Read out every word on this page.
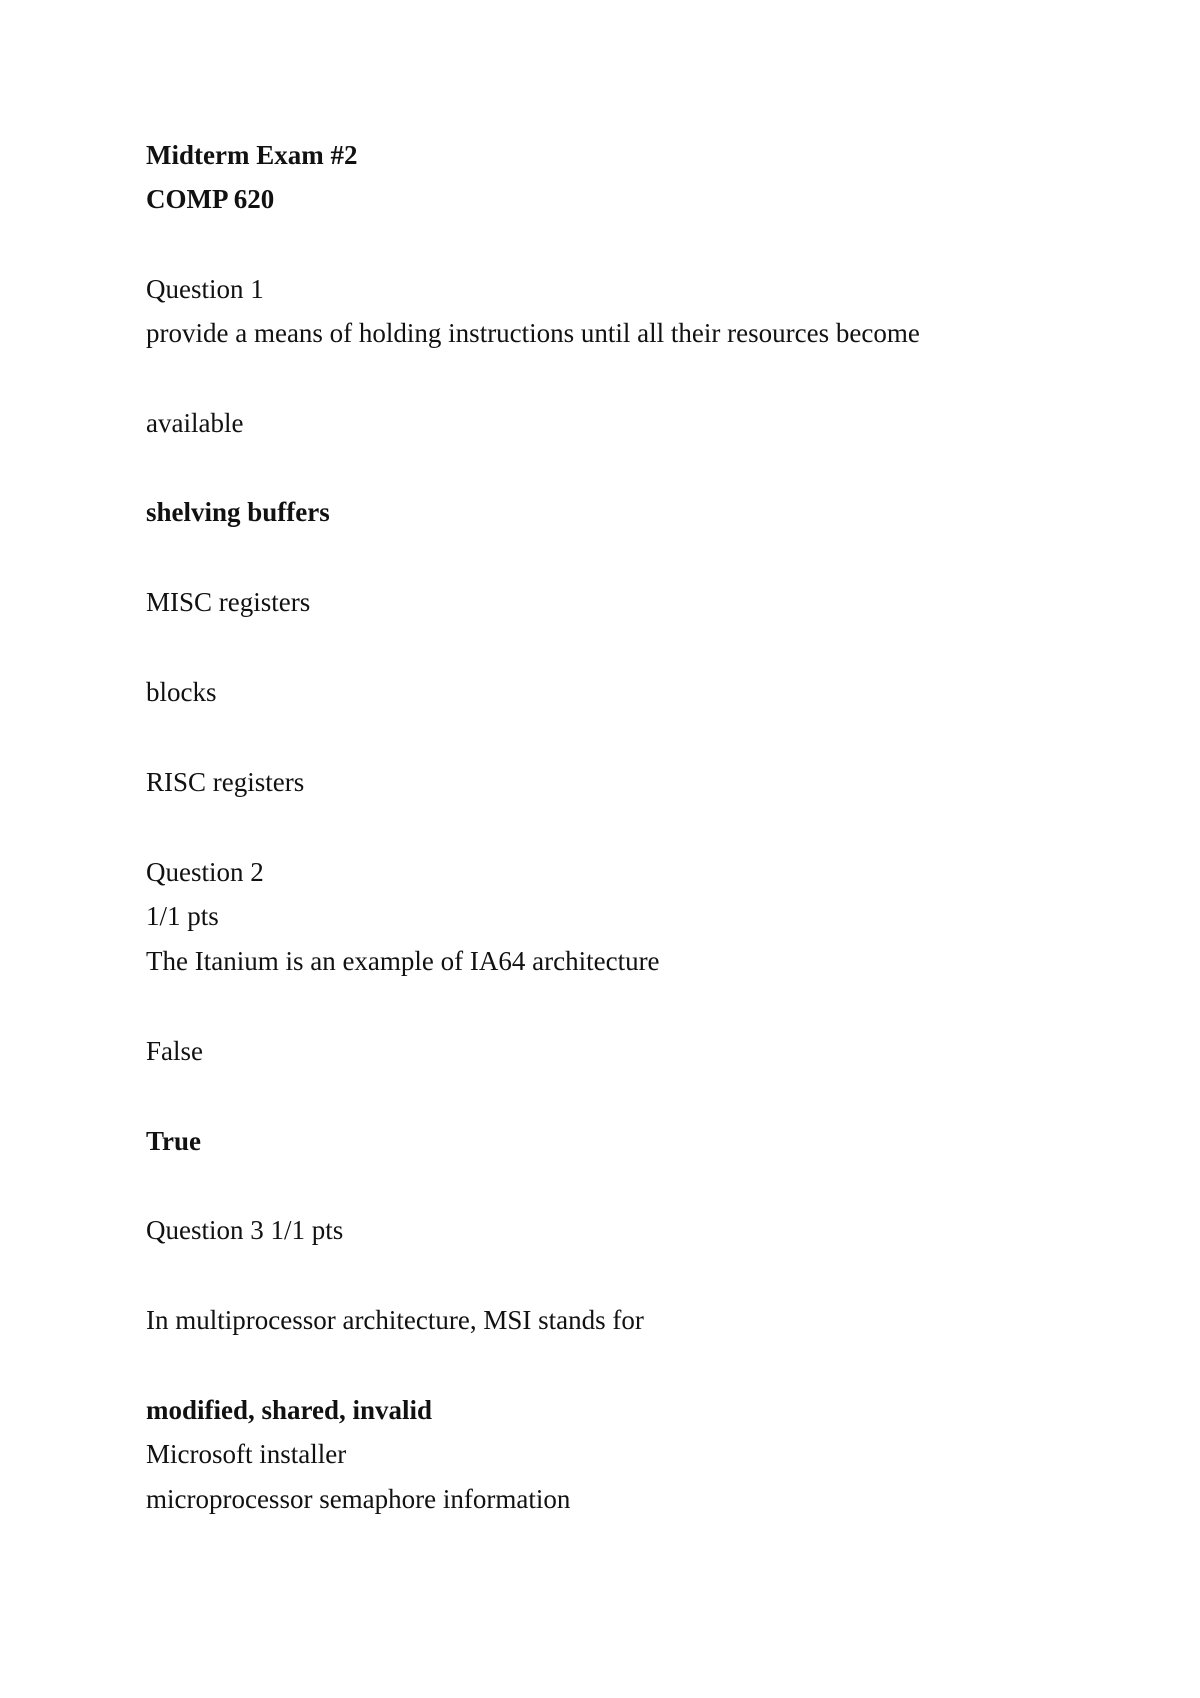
Midterm Exam #2
COMP 620
Question 1
provide a means of holding instructions until all their resources become
available
shelving buffers
MISC registers
blocks
RISC registers
Question 2
1/1 pts
The Itanium is an example of IA64 architecture
False
True
Question 3 1/1 pts
In multiprocessor architecture, MSI stands for
modified, shared, invalid
Microsoft installer
microprocessor semaphore information
